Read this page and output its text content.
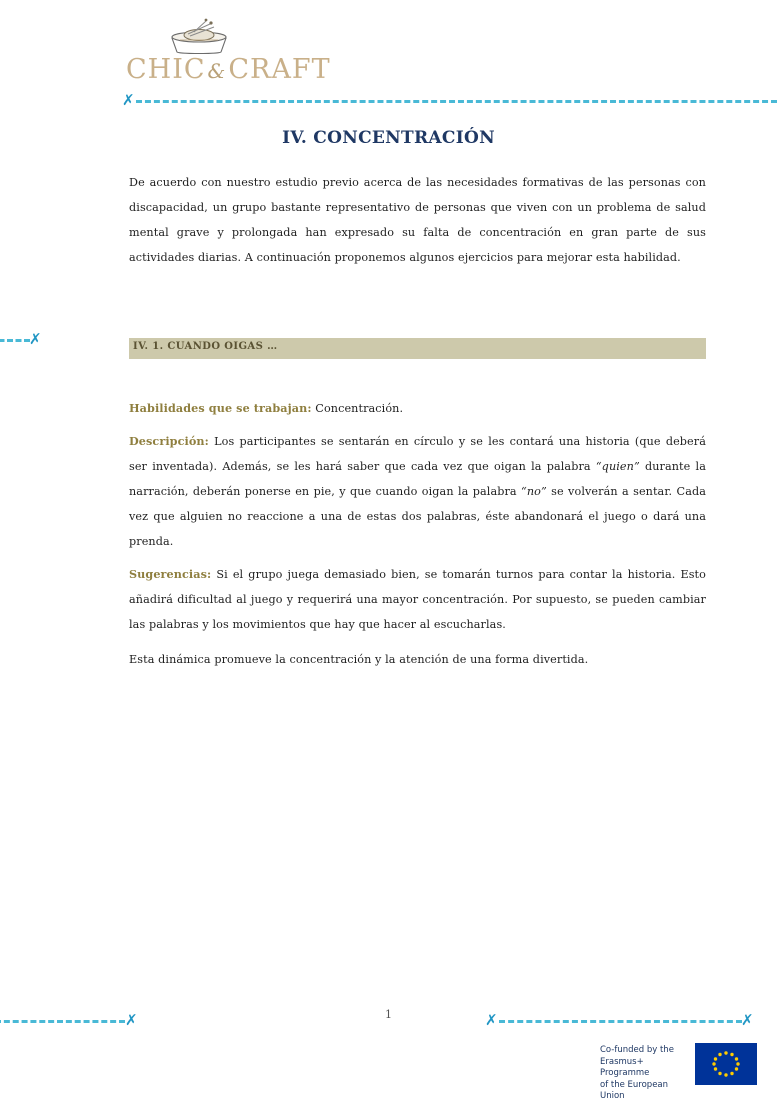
CHIC &CRAFT
✗
✗
IV. CONCENTRACIÓN
De acuerdo con nuestro estudio previo acerca de las necesidades formativas de las personas con discapacidad, un grupo bastante representativo de personas que viven con un problema de salud mental grave y prolongada han expresado su falta de concentración en gran parte de sus actividades diarias. A continuación proponemos algunos ejercicios para mejorar esta habilidad.
IV. 1. CUANDO OIGAS …
Habilidades que se trabajan: Concentración.
Descripción: Los participantes se sentarán en círculo y se les contará una historia (que deberá ser inventada). Además, se les hará saber que cada vez que oigan la palabra “quien” durante la narración, deberán ponerse en pie, y que cuando oigan la palabra “no” se volverán a sentar. Cada vez que alguien no reaccione a una de estas dos palabras, éste abandonará el juego o dará una prenda.
Sugerencias: Si el grupo juega demasiado bien, se tomarán turnos para contar la historia. Esto añadirá dificultad al juego y requerirá una mayor concentración. Por supuesto, se pueden cambiar las palabras y los movimientos que hay que hacer al escucharlas.
Esta dinámica promueve la concentración y la atención de una forma divertida.
✗	✗	✗
1
Co-funded by the
Erasmus+ Programme
of the European Union
